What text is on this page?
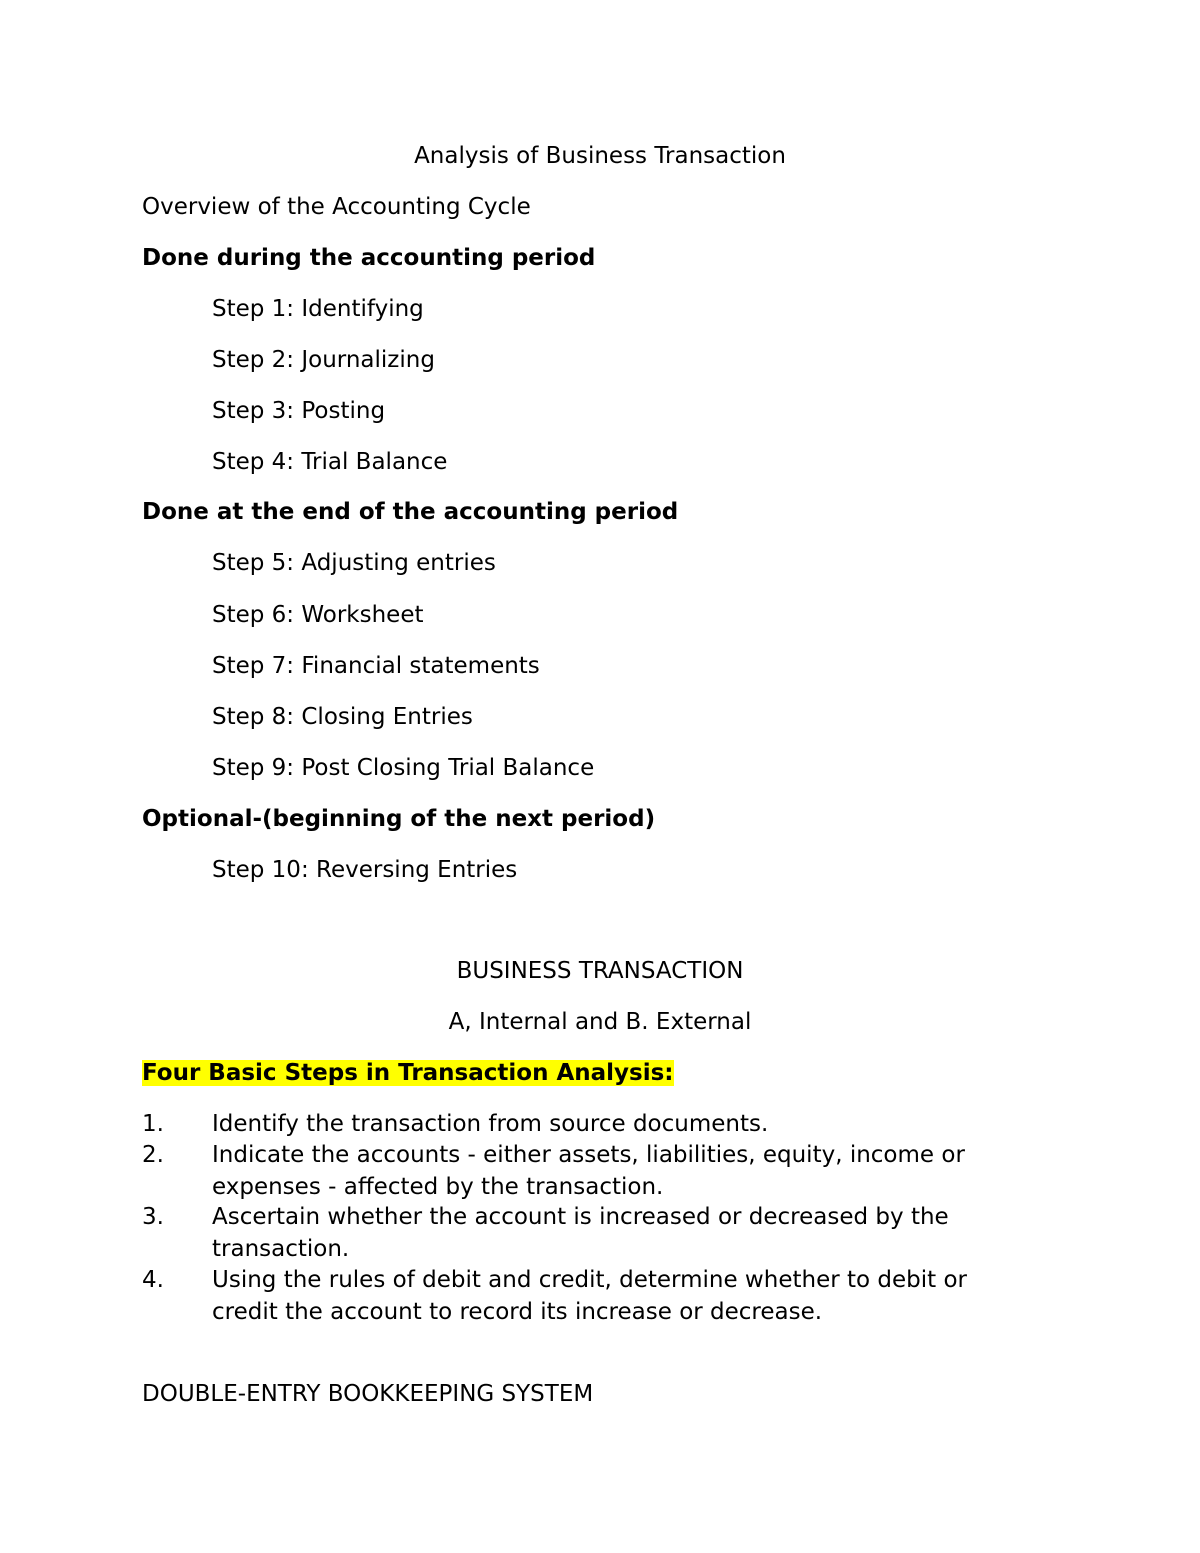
Analysis of Business Transaction
Overview of the Accounting Cycle
Done during the accounting period
Step 1: Identifying
Step 2: Journalizing
Step 3: Posting
Step 4: Trial Balance
Done at the end of the accounting period
Step 5: Adjusting entries
Step 6: Worksheet
Step 7: Financial statements
Step 8: Closing Entries
Step 9: Post Closing Trial Balance
Optional-(beginning of the next period)
Step 10: Reversing Entries
BUSINESS TRANSACTION
A, Internal and B. External
Four Basic Steps in Transaction Analysis:
1. Identify the transaction from source documents.
2. Indicate the accounts - either assets, liabilities, equity, income or expenses - affected by the transaction.
3. Ascertain whether the account is increased or decreased by the transaction.
4. Using the rules of debit and credit, determine whether to debit or credit the account to record its increase or decrease.
DOUBLE-ENTRY BOOKKEEPING SYSTEM
